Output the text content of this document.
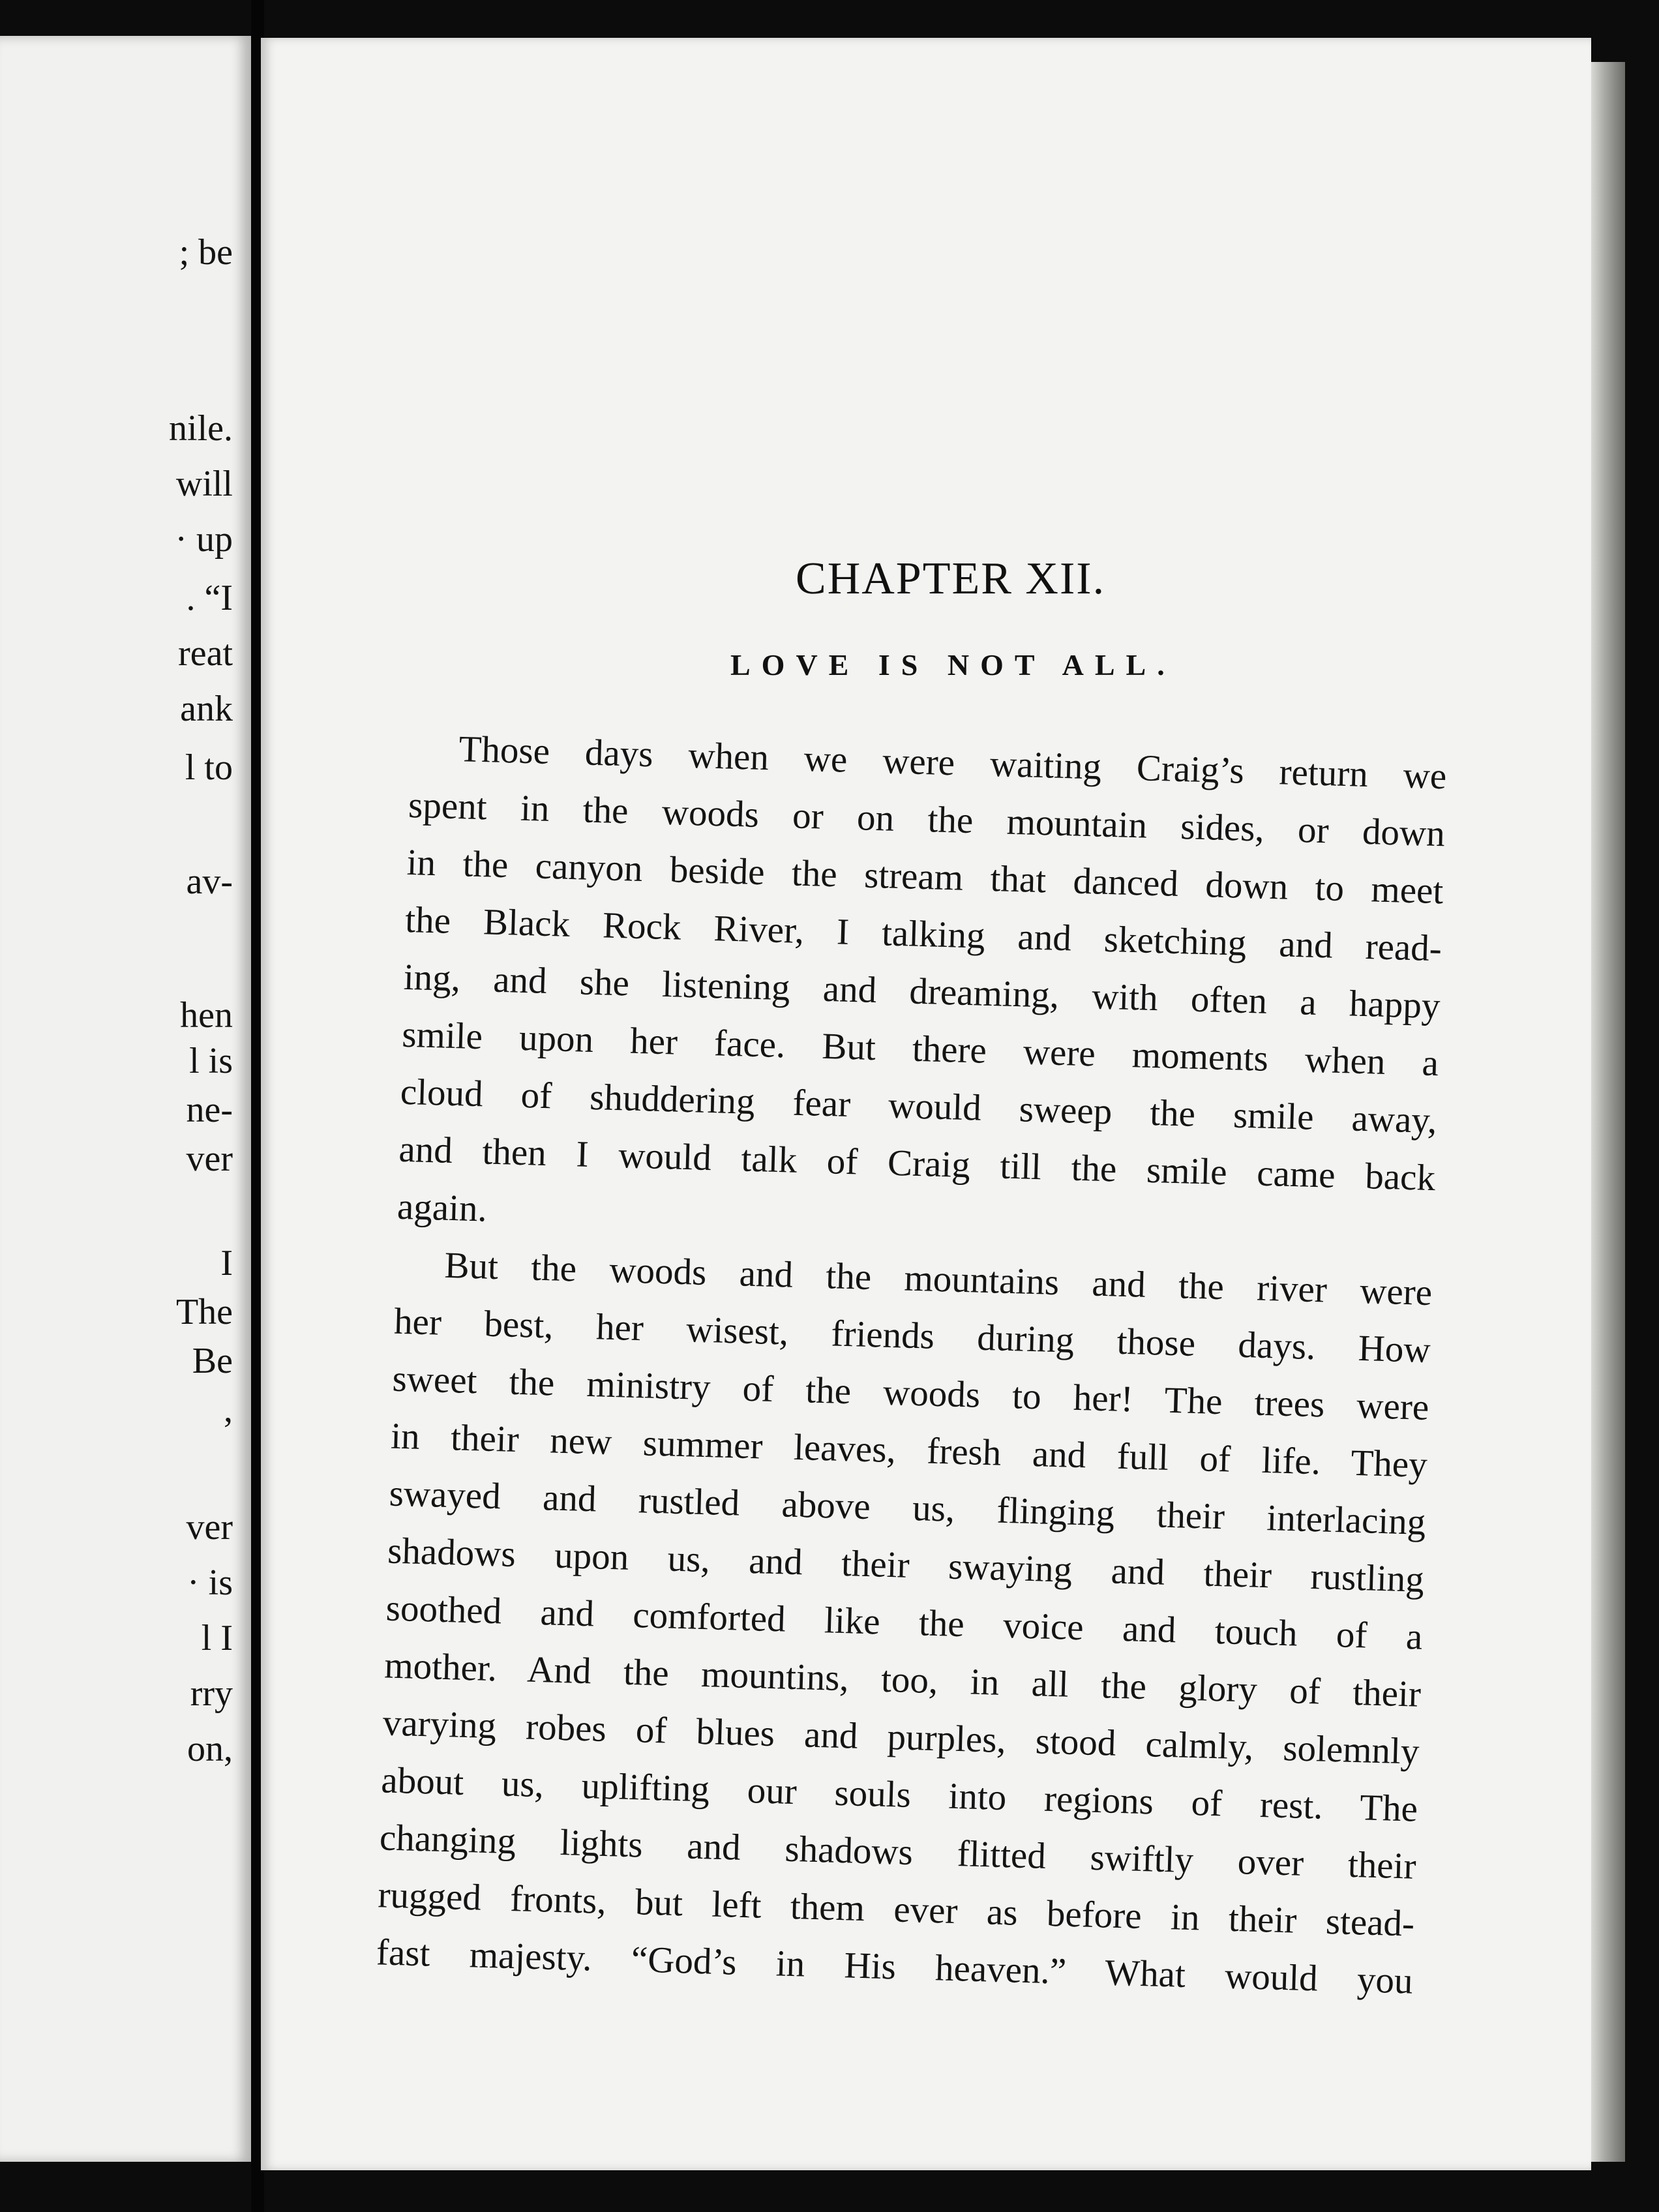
; be
nile.
will
· up
. “I
reat
ank
l to
av-
hen
l is
ne-
ver
I
The
Be
,
ver
· is
l I
rry
on,
CHAPTER XII.
LOVE IS NOT ALL.
Those days when we were waiting Craig’s return we
spent in the woods or on the mountain sides, or down
in the canyon beside the stream that danced down to meet
the Black Rock River, I talking and sketching and read-
ing, and she listening and dreaming, with often a happy
smile upon her face. But there were moments when a
cloud of shuddering fear would sweep the smile away,
and then I would talk of Craig till the smile came back
again.
But the woods and the mountains and the river were
her best, her wisest, friends during those days. How
sweet the ministry of the woods to her! The trees were
in their new summer leaves, fresh and full of life. They
swayed and rustled above us, flinging their interlacing
shadows upon us, and their swaying and their rustling
soothed and comforted like the voice and touch of a
mother. And the mountins, too, in all the glory of their
varying robes of blues and purples, stood calmly, solemnly
about us, uplifting our souls into regions of rest. The
changing lights and shadows flitted swiftly over their
rugged fronts, but left them ever as before in their stead-
fast majesty. “God’s in His heaven.” What would you
